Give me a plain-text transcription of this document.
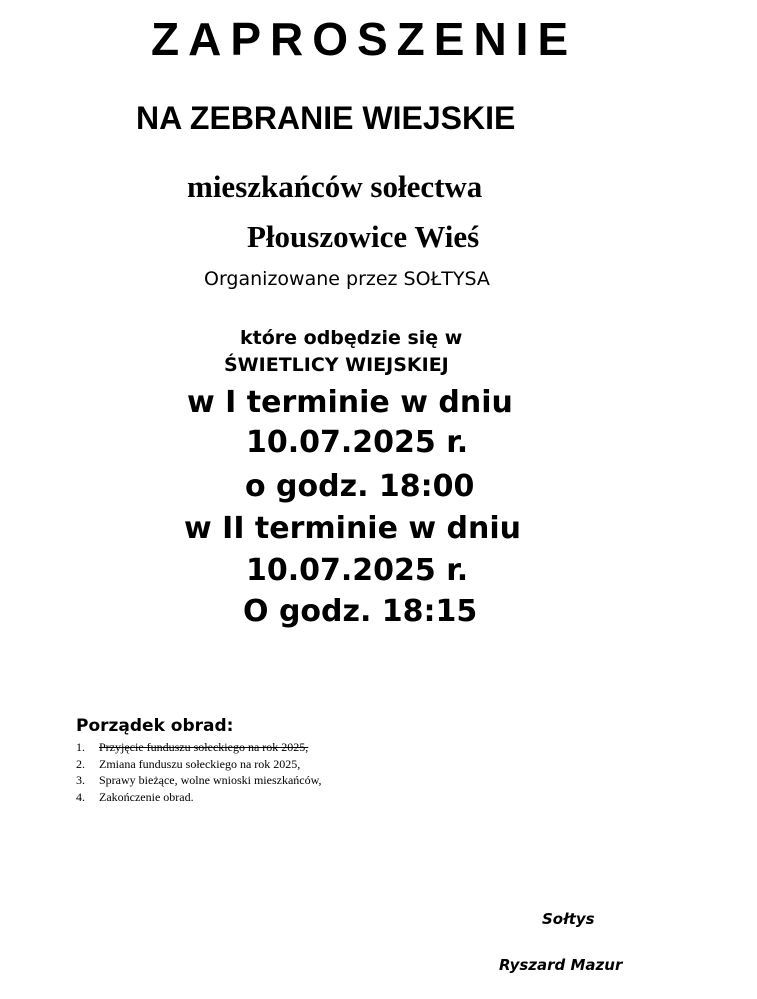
ZAPROSZENIE
NA ZEBRANIE WIEJSKIE
mieszkańców sołectwa
Płouszowice Wieś
Organizowane przez SOŁTYSA
które odbędzie się w
ŚWIETLICY WIEJSKIEJ
w I terminie w dniu
10.07.2025 r.
o godz. 18:00
w II terminie w dniu
10.07.2025 r.
O godz. 18:15
Porządek obrad:
1.	Przyjęcie funduszu sołeckiego na rok 2025,
2.	Zmiana funduszu sołeckiego na rok 2025,
3.	Sprawy bieżące, wolne wnioski mieszkańców,
4.	Zakończenie obrad.
Sołtys
Ryszard Mazur
